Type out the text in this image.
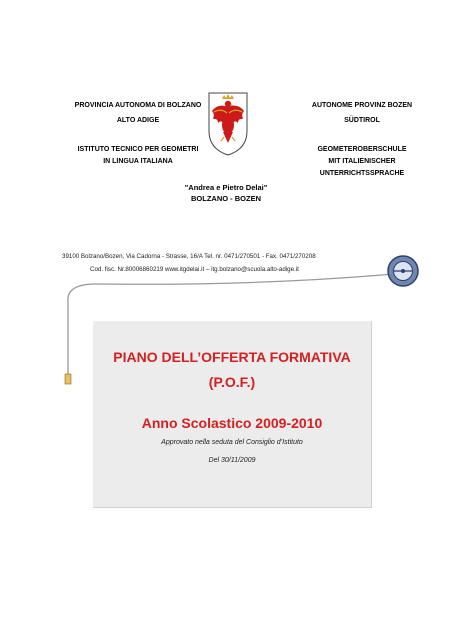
PROVINCIA AUTONOMA DI BOLZANO
ALTO ADIGE
ISTITUTO TECNICO PER GEOMETRI
IN LINGUA ITALIANA
AUTONOME PROVINZ BOZEN
SÜDTIROL
GEOMETEROBERSCHULE
MIT ITALIENISCHER
UNTERRICHTSSPRACHE
"Andrea e Pietro Delai"
BOLZANO - BOZEN
39100 Bolzano/Bozen, Via Cadorna - Strasse, 16/A Tel. nr. 0471/270501 - Fax. 0471/270208
Cod. fisc. Nr.80006860219 www.itgdelai.it – itg.bolzano@scuola.alto-adige.it
PIANO DELL’OFFERTA FORMATIVA
(P.O.F.)
Anno Scolastico 2009-2010
Approvato nella seduta del Consiglio d’Istituto
Del 30/11/2009
